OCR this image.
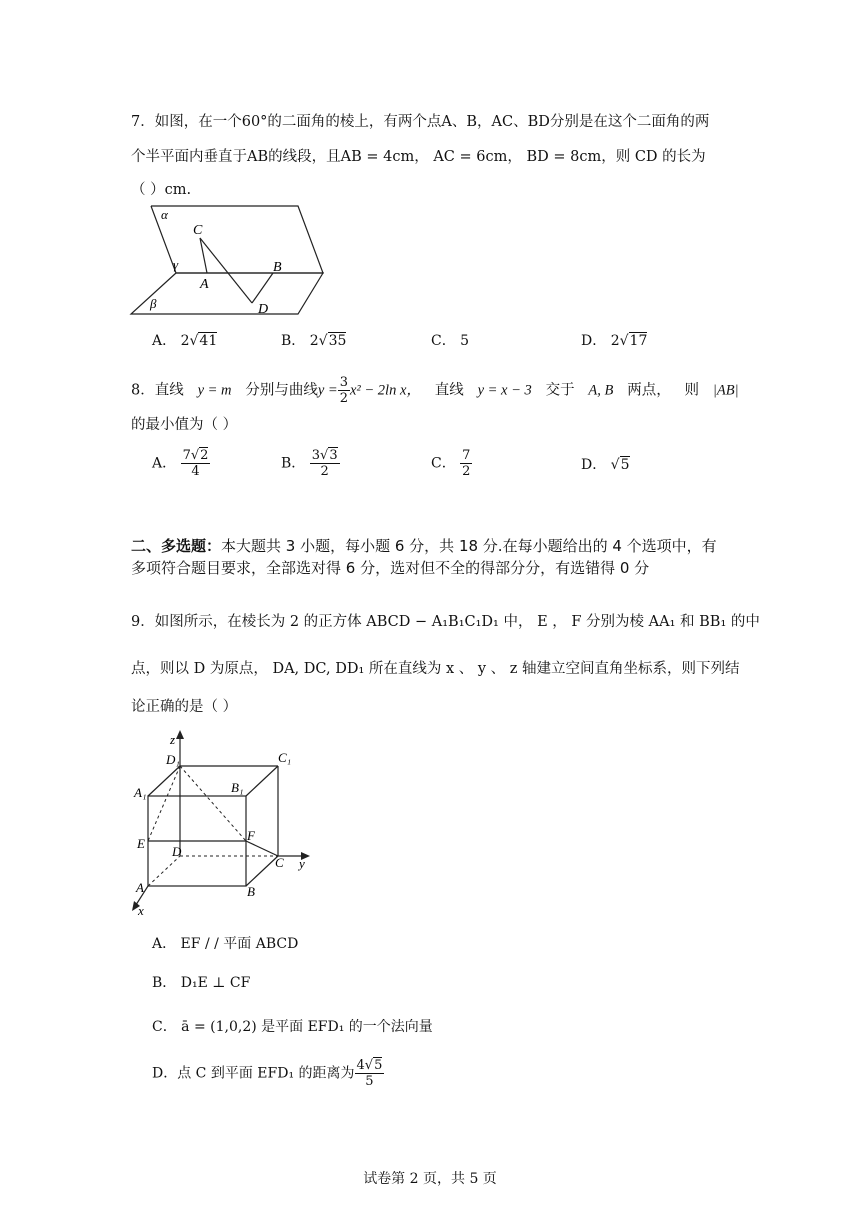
7．如图，在一个60°的二面角的棱上，有两个点A、B，AC、BD分别是在这个二面角的两
个半平面内垂直于AB的线段，且AB = 4cm， AC = 6cm， BD = 8cm，则 CD 的长为
（ ）cm.
α
γ
β
C
A
B
D
A． 2√41	B． 2√35	C． 5	D． 2√17
8．直线 y = m 分别与曲线$y = \frac{3}{2} x^2 - 2\ln$ x， 直线 y = x − 3 交于 A, B 两点， 则 |AB|
的最小值为（ ）
A． $\frac{7√2}{4}$	B． $\frac{3√3}{2}$	C． $\frac{7}{2}$	D． √5
二、多选题：本大题共 3 小题，每小题 6 分，共 18 分.在每小题给出的 4 个选项中，有多项符合题目要求，全部选对得 6 分，选对但不全的得部分分，有选错得 0 分
9．如图所示，在棱长为 2 的正方体 ABCD − A₁B₁C₁D₁ 中， E ， F 分别为棱 AA₁ 和 BB₁ 的中
点，则以 D 为原点， DA, DC, DD₁ 所在直线为 x 、 y 、 z 轴建立空间直角坐标系，则下列结
论正确的是（ ）
z
y
x
D₁	C₁
A₁	B₁
E
F
D
C
A	B
A． EF / / 平面 ABCD
B． D₁E ⊥ CF
C． ā = (1,0,2) 是平面 EFD₁ 的一个法向量
D．点 C 到平面 EFD₁ 的距离为 $\frac{4√5}{5}$
试卷第 2 页，共 5 页
